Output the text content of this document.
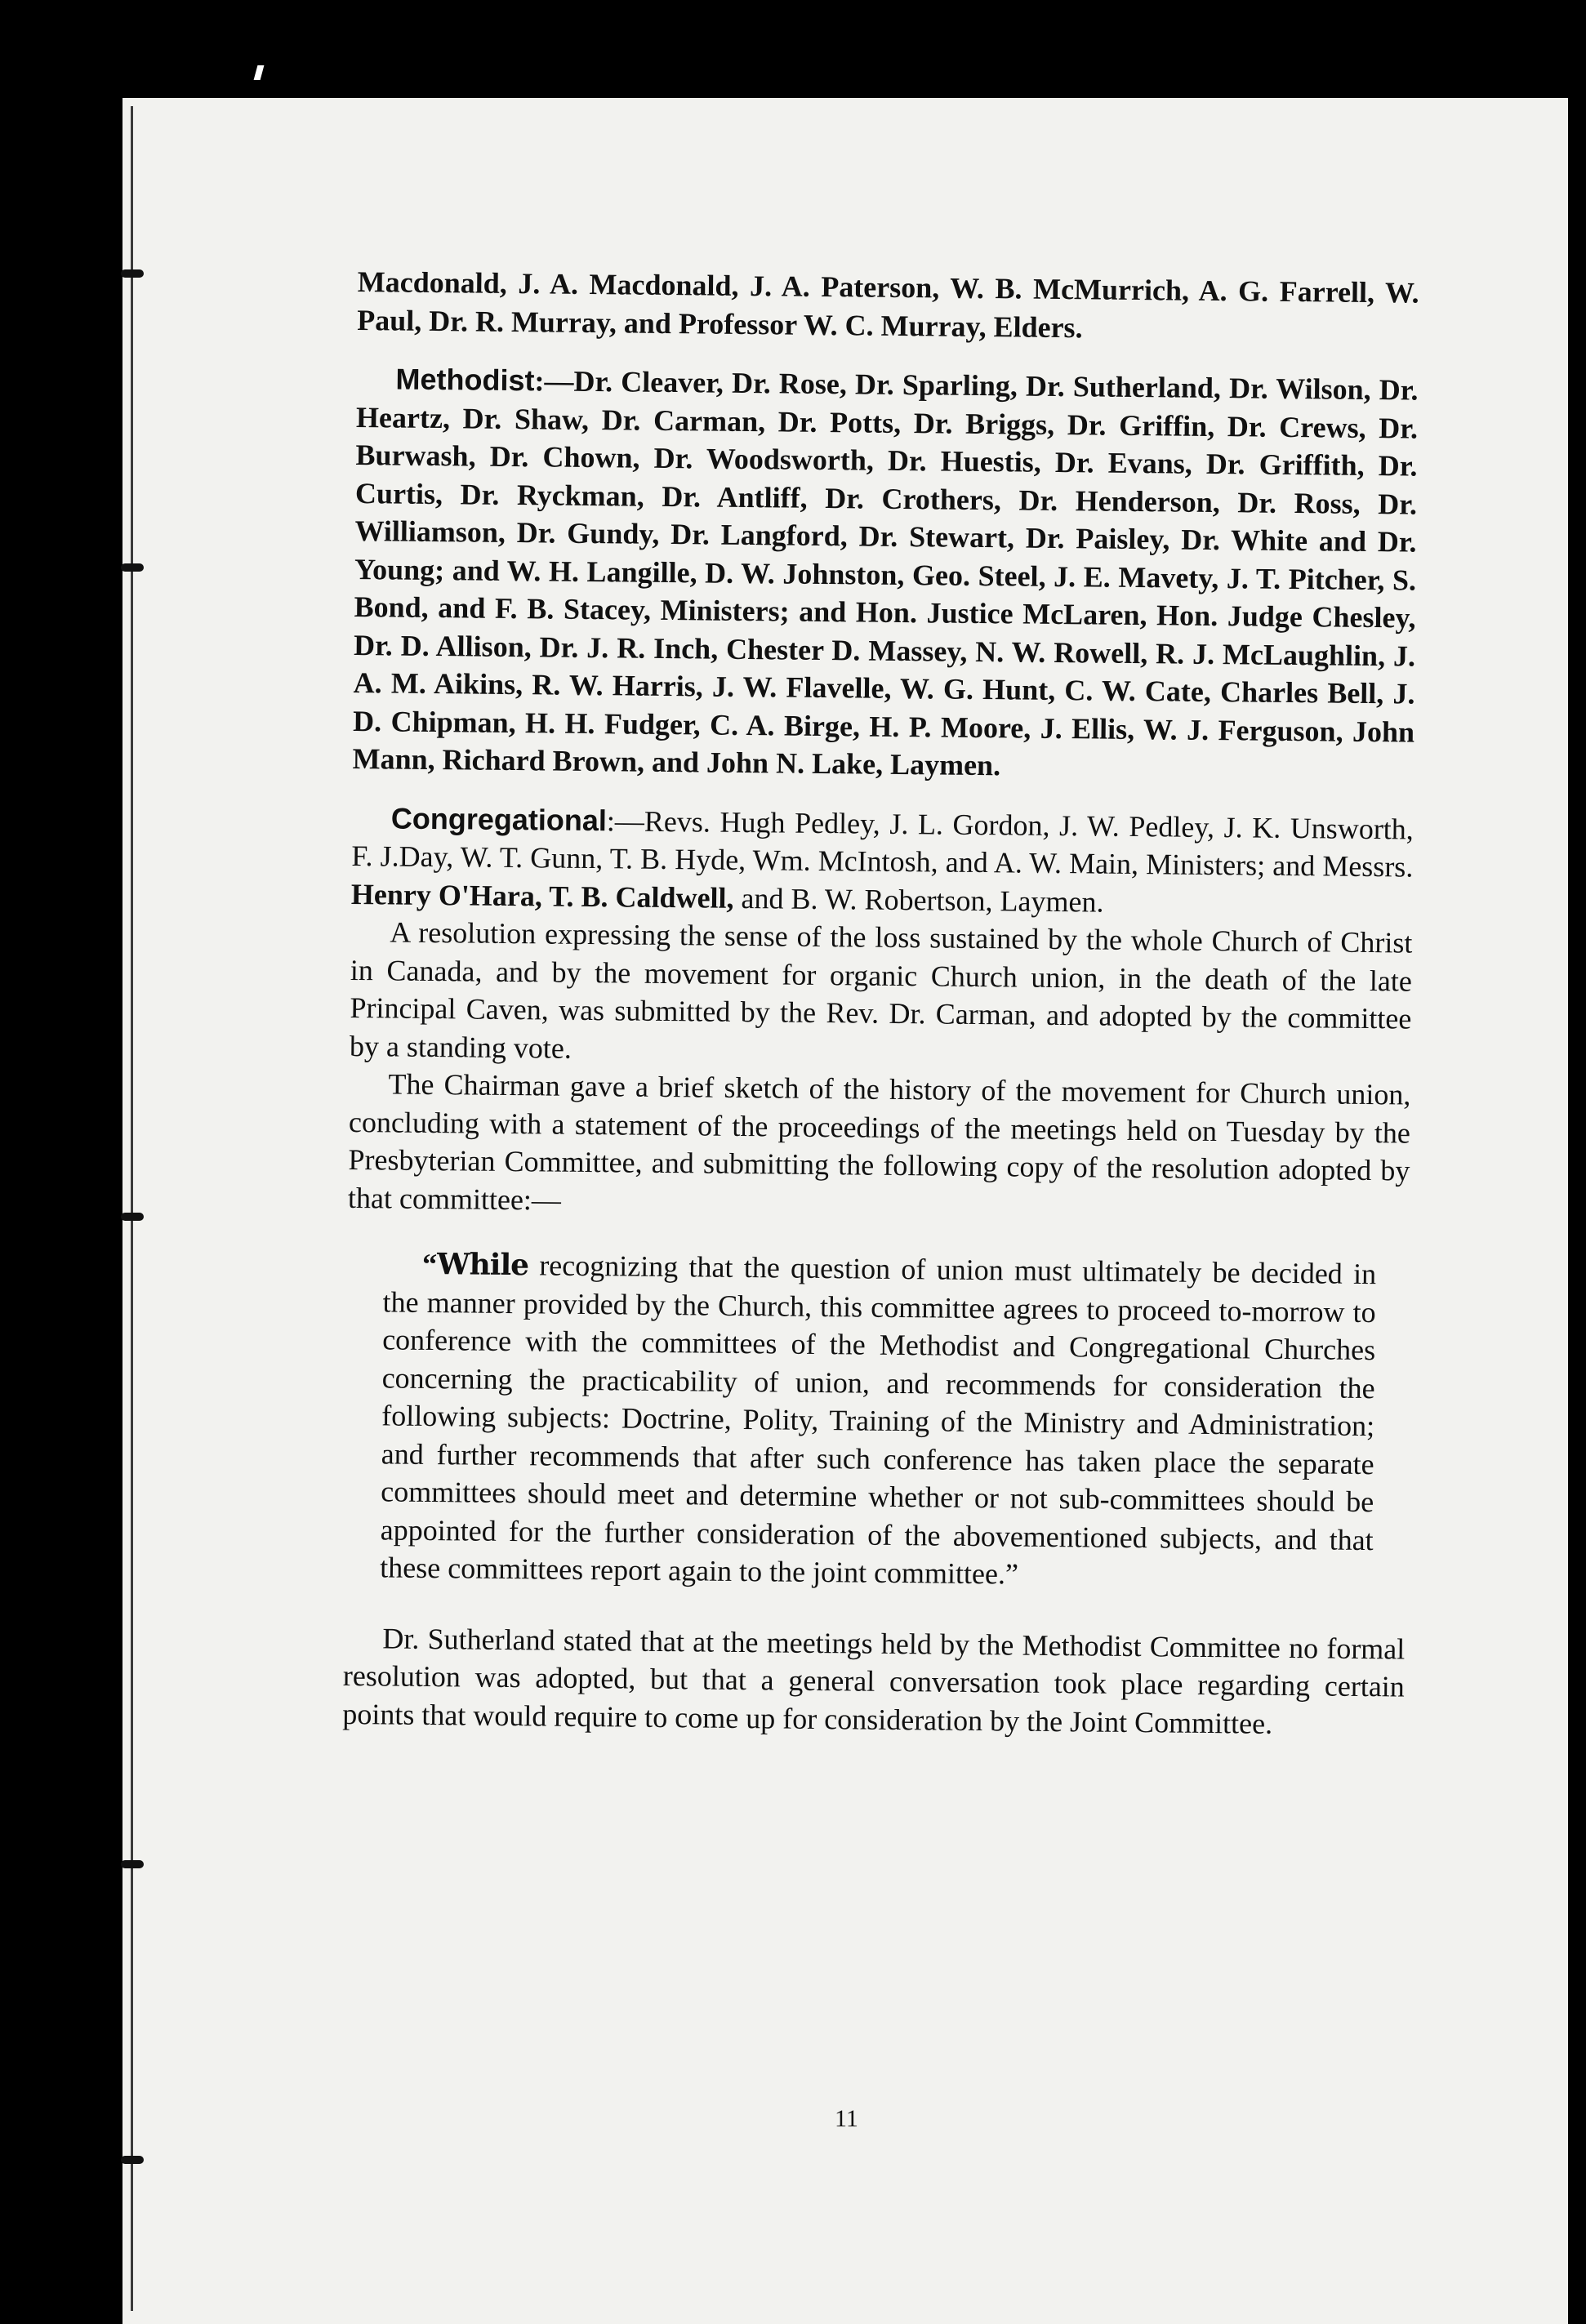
Macdonald, J. A. Macdonald, J. A. Paterson, W. B. McMurrich, A. G. Farrell, W. Paul, Dr. R. Murray, and Professor W. C. Murray, Elders.

Methodist:—Dr. Cleaver, Dr. Rose, Dr. Sparling, Dr. Sutherland, Dr. Wilson, Dr. Heartz, Dr. Shaw, Dr. Carman, Dr. Potts, Dr. Briggs, Dr. Griffin, Dr. Crews, Dr. Burwash, Dr. Chown, Dr. Woodsworth, Dr. Huestis, Dr. Evans, Dr. Griffith, Dr. Curtis, Dr. Ryckman, Dr. Antliff, Dr. Crothers, Dr. Henderson, Dr. Ross, Dr. Williamson, Dr. Gundy, Dr. Langford, Dr. Stewart, Dr. Paisley, Dr. White and Dr. Young; and W. H. Langille, D. W. Johnston, Geo. Steel, J. E. Mavety, J. T. Pitcher, S. Bond, and F. B. Stacey, Ministers; and Hon. Justice McLaren, Hon. Judge Chesley, Dr. D. Allison, Dr. J. R. Inch, Chester D. Massey, N. W. Rowell, R. J. McLaughlin, J. A. M. Aikins, R. W. Harris, J. W. Flavelle, W. G. Hunt, C. W. Cate, Charles Bell, J. D. Chipman, H. H. Fudger, C. A. Birge, H. P. Moore, J. Ellis, W. J. Ferguson, John Mann, Richard Brown, and John N. Lake, Laymen.

Congregational:—Revs. Hugh Pedley, J. L. Gordon, J. W. Pedley, J. K. Unsworth, F. J.Day, W. T. Gunn, T. B. Hyde, Wm. McIntosh, and A. W. Main, Ministers; and Messrs. Henry O'Hara, T. B. Caldwell, and B. W. Robertson, Laymen.

A resolution expressing the sense of the loss sustained by the whole Church of Christ in Canada, and by the movement for organic Church union, in the death of the late Principal Caven, was submitted by the Rev. Dr. Carman, and adopted by the committee by a standing vote.

The Chairman gave a brief sketch of the history of the movement for Church union, concluding with a statement of the proceedings of the meetings held on Tuesday by the Presbyterian Committee, and submitting the following copy of the resolution adopted by that committee:—

“While recognizing that the question of union must ultimately be decided in the manner provided by the Church, this committee agrees to proceed to-morrow to conference with the committees of the Methodist and Congregational Churches concerning the practicability of union, and recommends for consideration the following subjects: Doctrine, Polity, Training of the Ministry and Administration; and further recommends that after such conference has taken place the separate committees should meet and determine whether or not sub-committees should be appointed for the further consideration of the abovementioned subjects, and that these committees report again to the joint committee.”

Dr. Sutherland stated that at the meetings held by the Methodist Committee no formal resolution was adopted, but that a general conversation took place regarding certain points that would require to come up for consideration by the Joint Committee.

11
